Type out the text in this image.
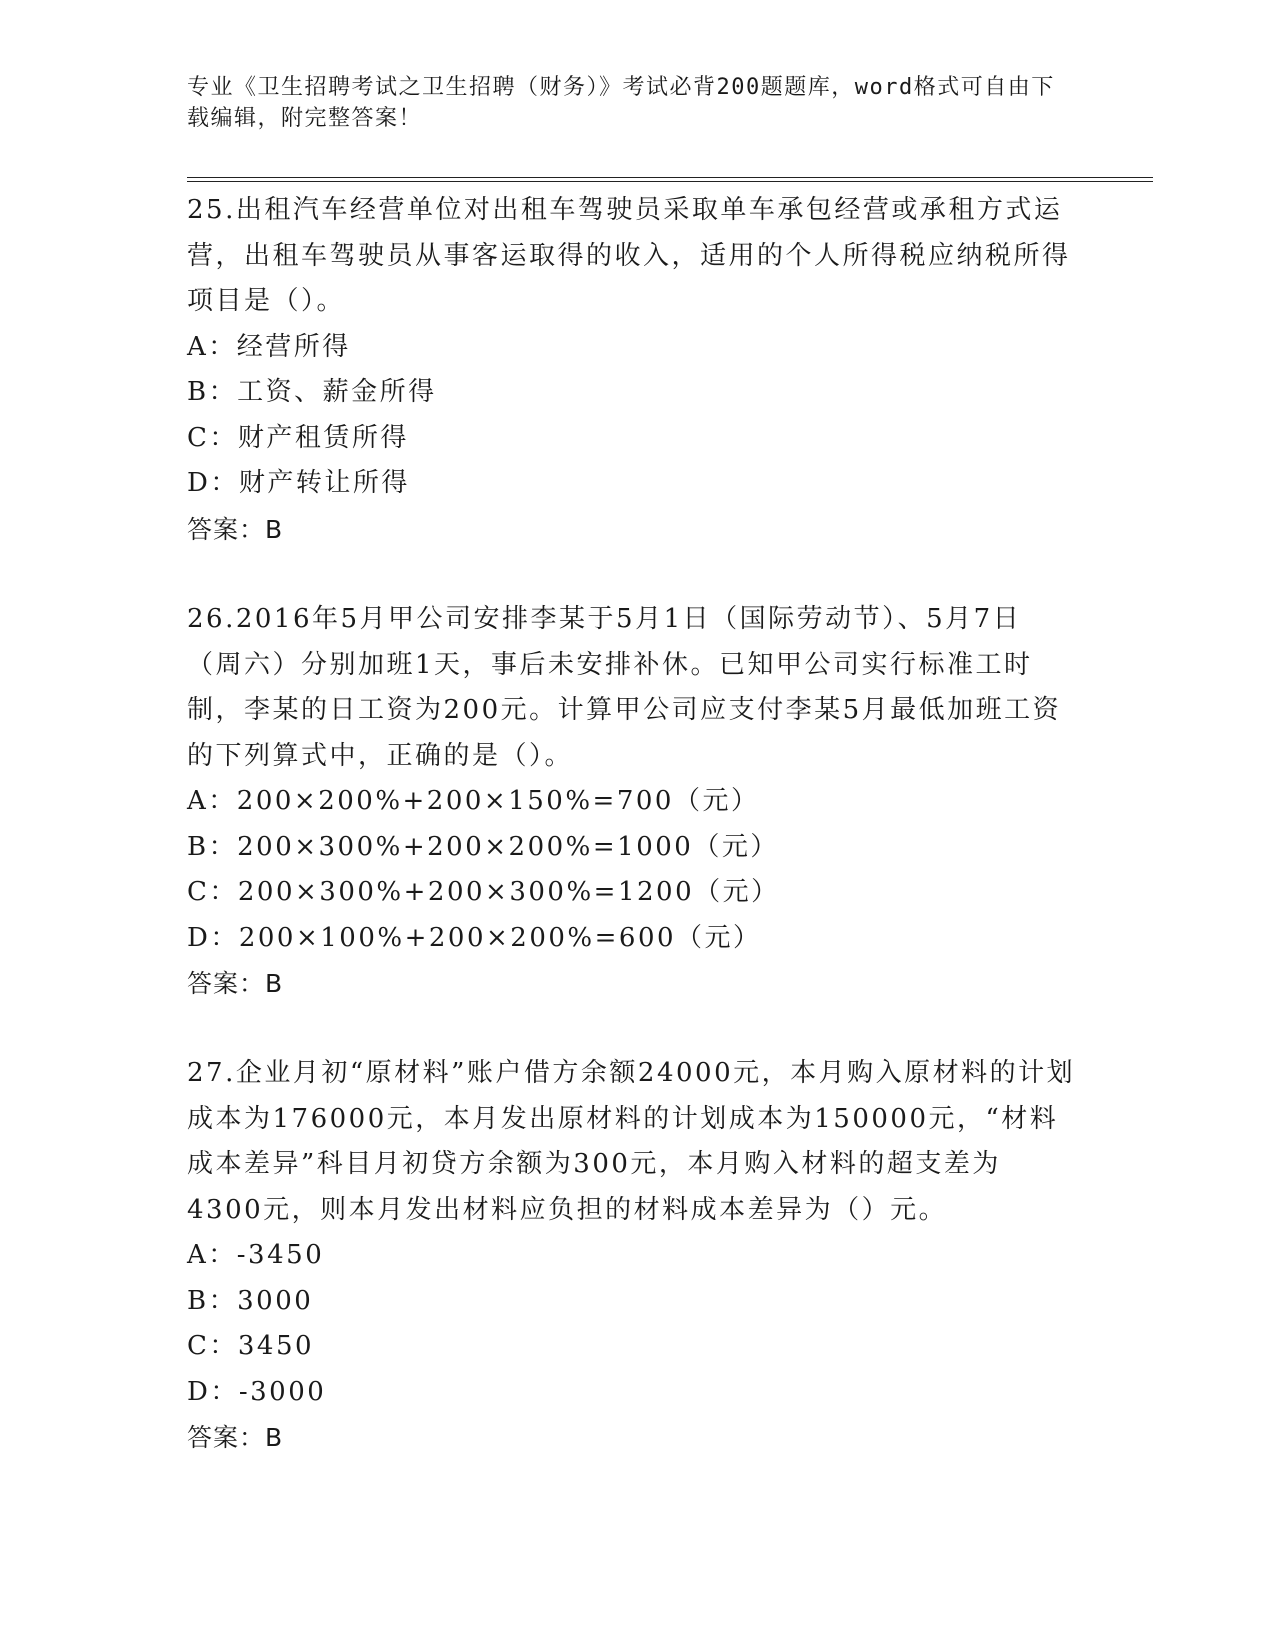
专业《卫生招聘考试之卫生招聘（财务）》考试必背200题题库，word格式可自由下载编辑，附完整答案！
25.出租汽车经营单位对出租车驾驶员采取单车承包经营或承租方式运营，出租车驾驶员从事客运取得的收入，适用的个人所得税应纳税所得项目是（）。
A：经营所得
B：工资、薪金所得
C：财产租赁所得
D：财产转让所得
答案：B
26.2016年5月甲公司安排李某于5月1日（国际劳动节）、5月7日（周六）分别加班1天，事后未安排补休。已知甲公司实行标准工时制，李某的日工资为200元。计算甲公司应支付李某5月最低加班工资的下列算式中，正确的是（）。
A：200×200%+200×150%=700（元）
B：200×300%+200×200%=1000（元）
C：200×300%+200×300%=1200（元）
D：200×100%+200×200%=600（元）
答案：B
27.企业月初“原材料”账户借方余额24000元，本月购入原材料的计划成本为176000元，本月发出原材料的计划成本为150000元，“材料成本差异”科目月初贷方余额为300元，本月购入材料的超支差为4300元，则本月发出材料应负担的材料成本差异为（）元。
A：-3450
B：3000
C：3450
D：-3000
答案：B
